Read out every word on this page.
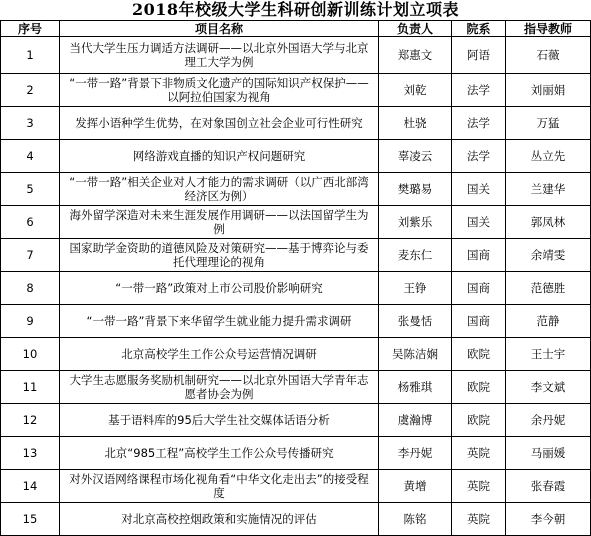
2018年校级大学生科研创新训练计划立项表
序号	项目名称	负责人	院系	指导教师
1	当代大学生压力调适方法调研——以北京外国语大学与北京理工大学为例	郑惠文	阿语	石薇
2	“一带一路”背景下非物质文化遗产的国际知识产权保护——以阿拉伯国家为视角	刘乾	法学	刘丽娟
3	发挥小语种学生优势，在对象国创立社会企业可行性研究	杜骁	法学	万猛
4	网络游戏直播的知识产权问题研究	辜凌云	法学	丛立先
5	“一带一路”相关企业对人才能力的需求调研（以广西北部湾经济区为例）	樊璐易	国关	兰建华
6	海外留学深造对未来生涯发展作用调研——以法国留学生为例	刘紫乐	国关	郭凤林
7	国家助学金资助的道德风险及对策研究——基于博弈论与委托代理理论的视角	麦东仁	国商	余靖雯
8	“一带一路”政策对上市公司股价影响研究	王铮	国商	范德胜
9	“一带一路”背景下来华留学生就业能力提升需求调研	张曼恬	国商	范静
10	北京高校学生工作公众号运营情况调研	吴陈洁娴	欧院	王士宇
11	大学生志愿服务奖励机制研究——以北京外国语大学青年志愿者协会为例	杨雅琪	欧院	李文斌
12	基于语料库的95后大学生社交媒体话语分析	虞瀚博	欧院	余丹妮
13	北京“985工程”高校学生工作公众号传播研究	李丹妮	英院	马丽媛
14	对外汉语网络课程市场化视角看“中华文化走出去”的接受程度	黄增	英院	张春霞
15	对北京高校控烟政策和实施情况的评估	陈铭	英院	李今朝
